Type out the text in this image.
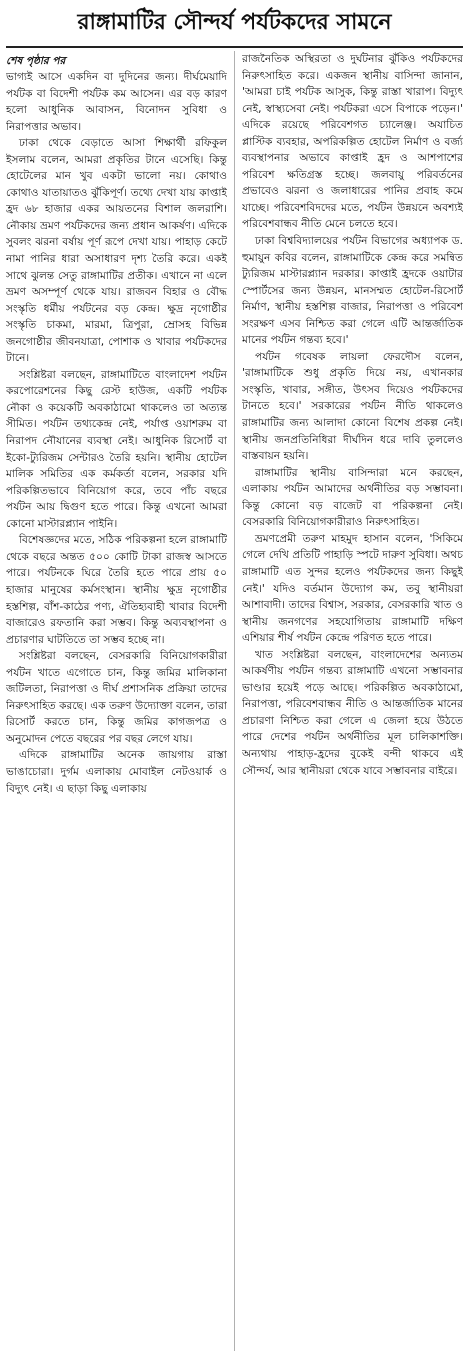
রাঙ্গামাটির সৌন্দর্য পর্যটকদের সামনে
শেষ পৃষ্ঠার পর

ভাগ্যই আসে একদিন বা দুদিনের জন্য। দীর্ঘমেয়াদি পর্যটক বা বিদেশী পর্যটক কম আসেন। এর বড় কারণ হলো আধুনিক আবাসন, বিনোদন সুবিধা ও নিরাপত্তার অভাব।

ঢাকা থেকে বেড়াতে আসা শিক্ষার্থী রফিকুল ইসলাম বলেন, আমরা প্রকৃতির টানে এসেছি। কিন্তু হোটেলের মান খুব একটা ভালো নয়। কোথাও কোথাও যাতায়াতও ঝুঁকিপূর্ণ। তথ্যে দেখা যায় কাপ্তাই হ্রদ ৬৮ হাজার একর আয়তনের বিশাল জলরাশি। নৌকায় ভ্রমণ পর্যটকদের জন্য প্রধান আকর্ষণ। এদিকে সুবলং ঝরনা বর্ষায় পূর্ণ রূপে দেখা যায়। পাহাড় কেটে নামা পানির ধারা অসাধারণ দৃশ্য তৈরি করে। একই সাথে ঝুলন্ত সেতু রাঙ্গামাটির প্রতীক। এখানে না এলে ভ্রমণ অসম্পূর্ণ থেকে যায়। রাজবন বিহার ও বৌদ্ধ সংস্কৃতি ধর্মীয় পর্যটনের বড় কেন্দ্র। ক্ষুদ্র নৃগোষ্ঠীর সংস্কৃতি চাকমা, মারমা, ত্রিপুরা, ম্রোসহ বিভিন্ন জনগোষ্ঠীর জীবনযাত্রা, পোশাক ও খাবার পর্যটকদের টানে।

সংশ্লিষ্টরা বলছেন, রাঙ্গামাটিতে বাংলাদেশ পর্যটন করপোরেশনের কিছু রেস্ট হাউজ, একটি পর্যটক নৌকা ও কয়েকটি অবকাঠামো থাকলেও তা অত্যন্ত সীমিত। পর্যটন তথ্যকেন্দ্র নেই, পর্যাপ্ত ওয়াশরুম বা নিরাপদ নৌযানের ব্যবস্থা নেই। আধুনিক রিসোর্ট বা ইকো-ট্যুরিজম সেন্টারও তৈরি হয়নি। স্থানীয় হোটেল মালিক সমিতির এক কর্মকর্তা বলেন, সরকার যদি পরিকল্পিতভাবে বিনিয়োগ করে, তবে পাঁচ বছরে পর্যটন আয় দ্বিগুণ হতে পারে। কিন্তু এখনো আমরা কোনো মাস্টারপ্ল্যান পাইনি।

বিশেষজ্ঞদের মতে, সঠিক পরিকল্পনা হলে রাঙ্গামাটি থেকে বছরে অন্তত ৫০০ কোটি টাকা রাজস্ব আসতে পারে। পর্যটনকে ঘিরে তৈরি হতে পারে প্রায় ৫০ হাজার মানুষের কর্মসংস্থান। স্থানীয় ক্ষুদ্র নৃগোষ্ঠীর হস্তশিল্প, বাঁশ-কাঠের পণ্য, ঐতিহ্যবাহী খাবার বিদেশী বাজারেও রফতানি করা সম্ভব। কিন্তু অব্যবস্থাপনা ও প্রচারণার ঘাটতিতে তা সম্ভব হচ্ছে না।

সংশ্লিষ্টরা বলছেন, বেসরকারি বিনিয়োগকারীরা পর্যটন খাতে এগোতে চান, কিন্তু জমির মালিকানা জটিলতা, নিরাপত্তা ও দীর্ঘ প্রশাসনিক প্রক্রিয়া তাদের নিরুৎসাহিত করছে। এক তরুণ উদ্যোক্তা বলেন, তারা রিসোর্ট করতে চান, কিন্তু জমির কাগজপত্র ও অনুমোদন পেতে বছরের পর বছর লেগে যায়।

এদিকে রাঙ্গামাটির অনেক জায়গায় রাস্তা ভাঙাচোরা। দুর্গম এলাকায় মোবাইল নেটওয়ার্ক ও বিদ্যুৎ নেই। এ ছাড়া কিছু এলাকায়

রাজনৈতিক অস্থিরতা ও দুর্ঘটনার ঝুঁকিও পর্যটকদের নিরুৎসাহিত করে। একজন স্থানীয় বাসিন্দা জানান, 'আমরা চাই পর্যটক আসুক, কিন্তু রাস্তা খারাপ। বিদ্যুৎ নেই, স্বাস্থ্যসেবা নেই। পর্যটকরা এসে বিপাকে পড়েন।' এদিকে রয়েছে পরিবেশগত চ্যালেঞ্জ। অযাচিত প্লাস্টিক ব্যবহার, অপরিকল্পিত হোটেল নির্মাণ ও বর্জ্য ব্যবস্থাপনার অভাবে কাপ্তাই হ্রদ ও আশপাশের পরিবেশ ক্ষতিগ্রস্ত হচ্ছে। জলবায়ু পরিবর্তনের প্রভাবেও ঝরনা ও জলাধারের পানির প্রবাহ কমে যাচ্ছে। পরিবেশবিদদের মতে, পর্যটন উন্নয়নে অবশ্যই পরিবেশবান্ধব নীতি মেনে চলতে হবে।

ঢাকা বিশ্ববিদ্যালয়ের পর্যটন বিভাগের অধ্যাপক ড. হুমায়ুন কবির বলেন, রাঙ্গামাটিকে কেন্দ্র করে সমন্বিত ট্যুরিজম মাস্টারপ্ল্যান দরকার। কাপ্তাই হ্রদকে ওয়াটার স্পোর্টসের জন্য উন্নয়ন, মানসম্মত হোটেল-রিসোর্ট নির্মাণ, স্থানীয় হস্তশিল্প বাজার, নিরাপত্তা ও পরিবেশ সংরক্ষণ এসব নিশ্চিত করা গেলে এটি আন্তর্জাতিক মানের পর্যটন গন্তব্য হবে।'

পর্যটন গবেষক লায়লা ফেরদৌস বলেন, 'রাঙ্গামাটিকে শুধু প্রকৃতি দিয়ে নয়, এখানকার সংস্কৃতি, খাবার, সঙ্গীত, উৎসব দিয়েও পর্যটকদের টানতে হবে।' সরকারের পর্যটন নীতি থাকলেও রাঙ্গামাটির জন্য আলাদা কোনো বিশেষ প্রকল্প নেই। স্থানীয় জনপ্রতিনিধিরা দীর্ঘদিন ধরে দাবি তুললেও বাস্তবায়ন হয়নি।

রাঙ্গামাটির স্থানীয় বাসিন্দারা মনে করছেন, এলাকায় পর্যটন আমাদের অর্থনীতির বড় সম্ভাবনা। কিন্তু কোনো বড় বাজেট বা পরিকল্পনা নেই। বেসরকারি বিনিয়োগকারীরাও নিরুৎসাহিত।

ভ্রমণপ্রেমী তরুণ মাহমুদ হাসান বলেন, 'সিকিমে গেলে দেখি প্রতিটি পাহাড়ি স্পটে দারুণ সুবিধা। অথচ রাঙ্গামাটি এত সুন্দর হলেও পর্যটকদের জন্য কিছুই নেই।' যদিও বর্তমান উদ্যোগ কম, তবু স্থানীয়রা আশাবাদী। তাদের বিশ্বাস, সরকার, বেসরকারি খাত ও স্থানীয় জনগণের সহযোগিতায় রাঙ্গামাটি দক্ষিণ এশিয়ার শীর্ষ পর্যটন কেন্দ্রে পরিণত হতে পারে।

খাত সংশ্লিষ্টরা বলছেন, বাংলাদেশের অন্যতম আকর্ষণীয় পর্যটন গন্তব্য রাঙ্গামাটি এখনো সম্ভাবনার ভাণ্ডার হয়েই পড়ে আছে। পরিকল্পিত অবকাঠামো, নিরাপত্তা, পরিবেশবান্ধব নীতি ও আন্তর্জাতিক মানের প্রচারণা নিশ্চিত করা গেলে এ জেলা হয়ে উঠতে পারে দেশের পর্যটন অর্থনীতির মূল চালিকাশক্তি। অন্যথায় পাহাড়-হ্রদের বুকেই বন্দী থাকবে এই সৌন্দর্য, আর স্থানীয়রা থেকে যাবে সম্ভাবনার বাইরে।
